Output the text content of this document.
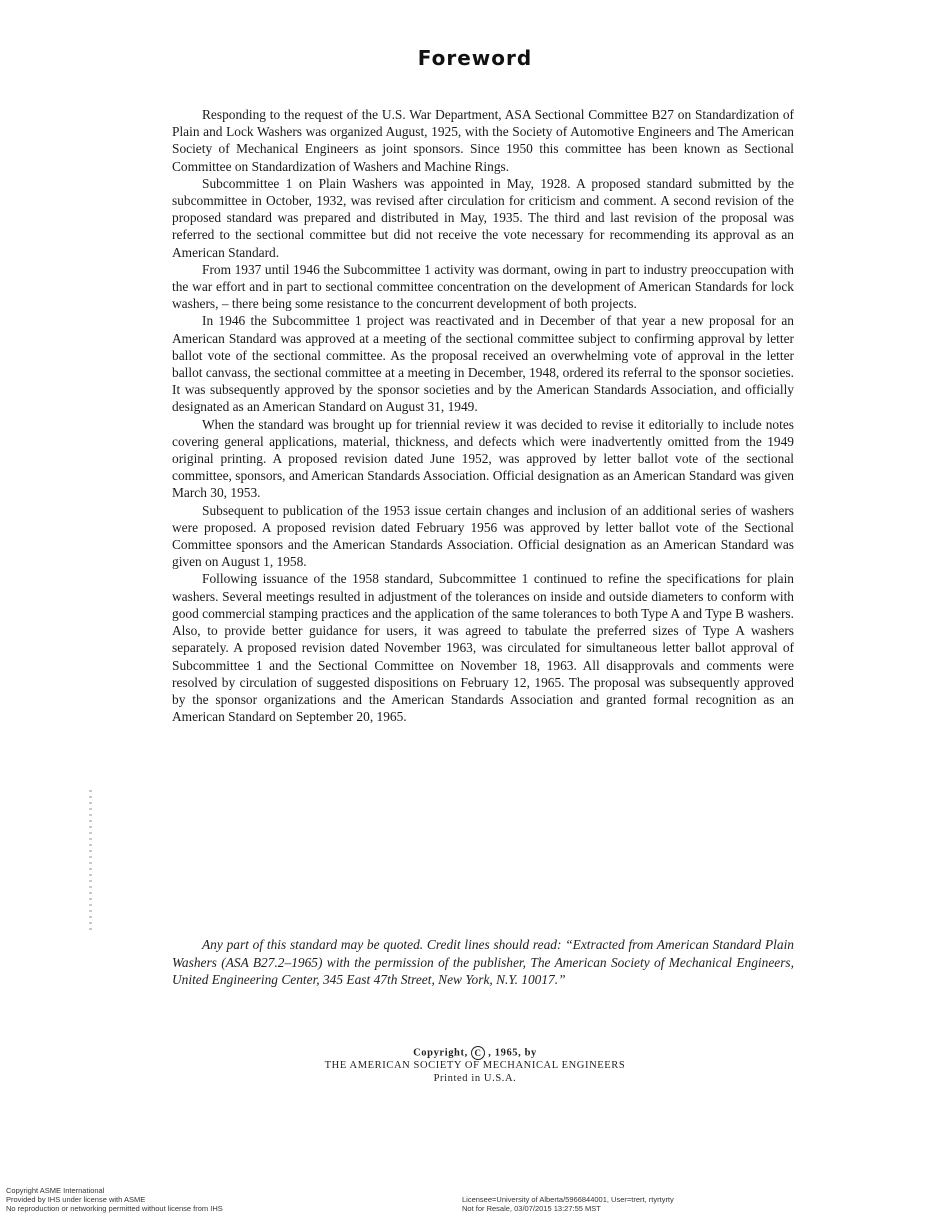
Foreword

Responding to the request of the U.S. War Department, ASA Sectional Committee B27 on Standardization of Plain and Lock Washers was organized August, 1925, with the Society of Automotive Engineers and The American Society of Mechanical Engineers as joint sponsors. Since 1950 this committee has been known as Sectional Committee on Standardization of Washers and Machine Rings.

Subcommittee 1 on Plain Washers was appointed in May, 1928. A proposed standard submitted by the subcommittee in October, 1932, was revised after circulation for criticism and comment. A second revision of the proposed standard was prepared and distributed in May, 1935. The third and last revision of the proposal was referred to the sectional committee but did not receive the vote necessary for recommending its approval as an American Standard.

From 1937 until 1946 the Subcommittee 1 activity was dormant, owing in part to industry preoccupation with the war effort and in part to sectional committee concentration on the development of American Standards for lock washers, – there being some resistance to the concurrent development of both projects.

In 1946 the Subcommittee 1 project was reactivated and in December of that year a new proposal for an American Standard was approved at a meeting of the sectional committee subject to confirming approval by letter ballot vote of the sectional committee. As the proposal received an overwhelming vote of approval in the letter ballot canvass, the sectional committee at a meeting in December, 1948, ordered its referral to the sponsor societies. It was subsequently approved by the sponsor societies and by the American Standards Association, and officially designated as an American Standard on August 31, 1949.

When the standard was brought up for triennial review it was decided to revise it editorially to include notes covering general applications, material, thickness, and defects which were inadvertently omitted from the 1949 original printing. A proposed revision dated June 1952, was approved by letter ballot vote of the sectional committee, sponsors, and American Standards Association. Official designation as an American Standard was given March 30, 1953.

Subsequent to publication of the 1953 issue certain changes and inclusion of an additional series of washers were proposed. A proposed revision dated February 1956 was approved by letter ballot vote of the Sectional Committee sponsors and the American Standards Association. Official designation as an American Standard was given on August 1, 1958.

Following issuance of the 1958 standard, Subcommittee 1 continued to refine the specifications for plain washers. Several meetings resulted in adjustment of the tolerances on inside and outside diameters to conform with good commercial stamping practices and the application of the same tolerances to both Type A and Type B washers. Also, to provide better guidance for users, it was agreed to tabulate the preferred sizes of Type A washers separately. A proposed revision dated November 1963, was circulated for simultaneous letter ballot approval of Subcommittee 1 and the Sectional Committee on November 18, 1963. All disapprovals and comments were resolved by circulation of suggested dispositions on February 12, 1965. The proposal was subsequently approved by the sponsor organizations and the American Standards Association and granted formal recognition as an American Standard on September 20, 1965.

Any part of this standard may be quoted. Credit lines should read: “Extracted from American Standard Plain Washers (ASA B27.2–1965) with the permission of the publisher, The American Society of Mechanical Engineers, United Engineering Center, 345 East 47th Street, New York, N.Y. 10017.”

Copyright, C , 1965, by
THE AMERICAN SOCIETY OF MECHANICAL ENGINEERS
Printed in U.S.A.
Copyright ASME International
Provided by IHS under license with ASME
No reproduction or networking permitted without license from IHS
Licensee=University of Alberta/5966844001, User=trert, rtyrtyrty
Not for Resale, 03/07/2015 13:27:55 MST
